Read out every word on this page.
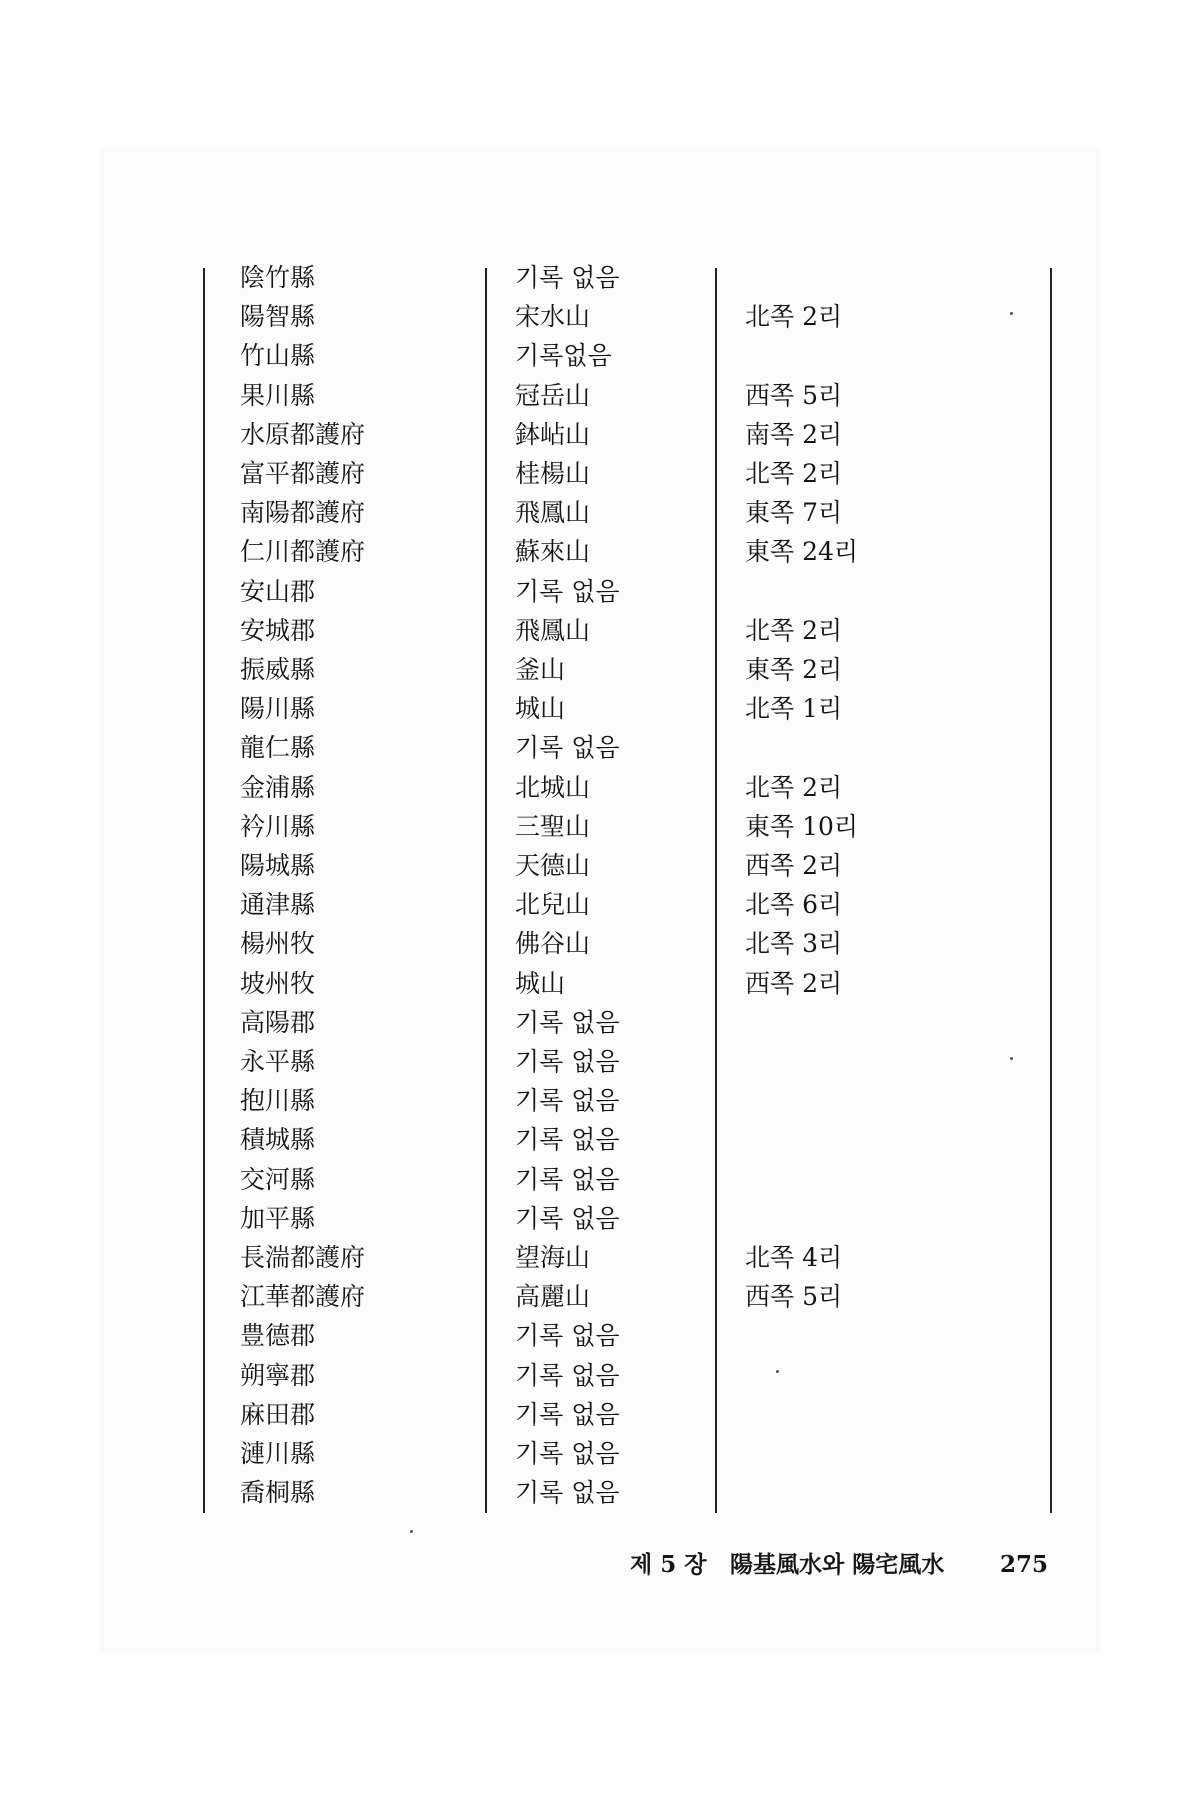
陰竹縣	기록 없음
陽智縣	宋水山	北쪽 2리
竹山縣	기록없음
果川縣	冠岳山	西쪽 5리
水原都護府	鉢岾山	南쪽 2리
富平都護府	桂楊山	北쪽 2리
南陽都護府	飛鳳山	東쪽 7리
仁川都護府	蘇來山	東쪽 24리
安山郡	기록 없음
安城郡	飛鳳山	北쪽 2리
振威縣	釜山	東쪽 2리
陽川縣	城山	北쪽 1리
龍仁縣	기록 없음
金浦縣	北城山	北쪽 2리
衿川縣	三聖山	東쪽 10리
陽城縣	天德山	西쪽 2리
通津縣	北兒山	北쪽 6리
楊州牧	佛谷山	北쪽 3리
坡州牧	城山	西쪽 2리
高陽郡	기록 없음
永平縣	기록 없음
抱川縣	기록 없음
積城縣	기록 없음
交河縣	기록 없음
加平縣	기록 없음
長湍都護府	望海山	北쪽 4리
江華都護府	高麗山	西쪽 5리
豊德郡	기록 없음
朔寧郡	기록 없음
麻田郡	기록 없음
漣川縣	기록 없음
喬桐縣	기록 없음
제 5 장 陽基風水와 陽宅風水 275
